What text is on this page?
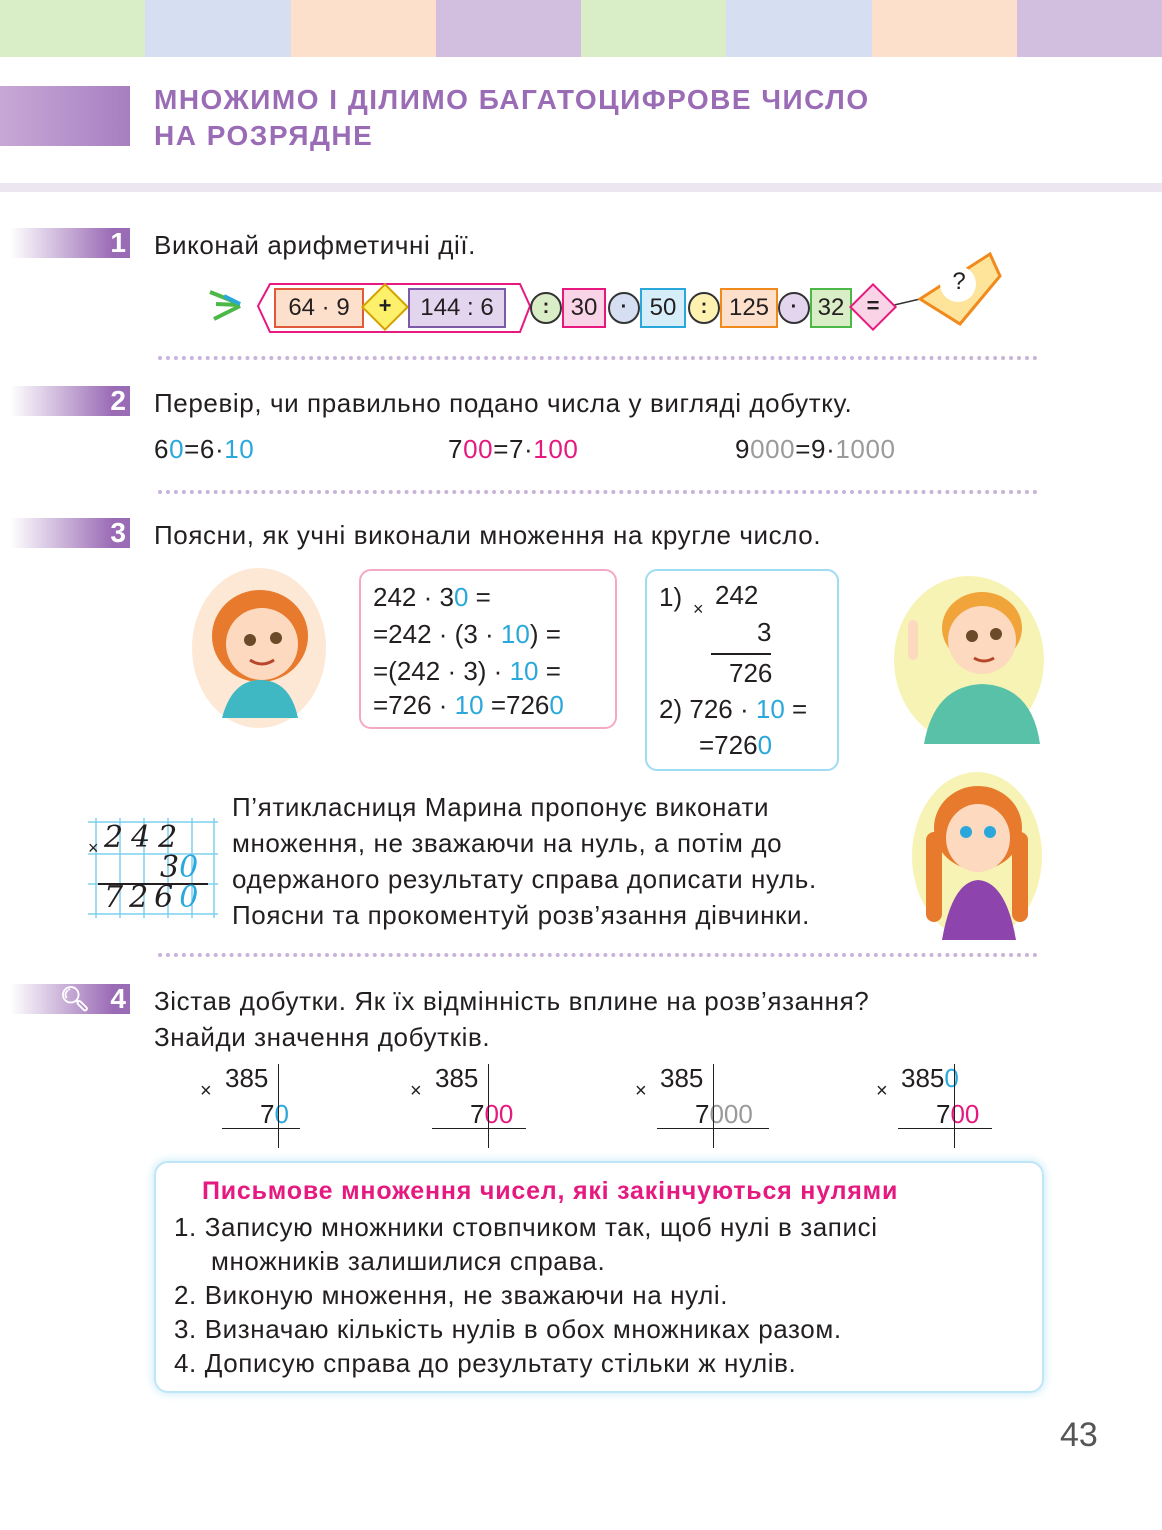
МНОЖИМО І ДІЛИМО БАГАТОЦИФРОВЕ ЧИСЛО
НА РОЗРЯДНЕ
1 Виконай арифметичні дії.
64 · 9	+	144 : 6	: 30	· 50	: 125	· 32	=
?
2 Перевір, чи правильно подано числа у вигляді добутку.
60=6·10	700=7·100	9000=9·1000
3 Поясни, як учні виконали множення на кругле число.
242 · 30 =
=242 · (3 · 10) =
=(242 · 3) · 10 =
=726 · 10 =7260
1) × 242
3
726
2) 726 · 10 =
=7260
× 242
30
7260
П’ятикласниця Марина пропонує виконати
множення, не зважаючи на нуль, а потім до
одержаного результату справа дописати нуль.
Поясни та прокоментуй розв’язання дівчинки.
🔍︎ 4 Зістав добутки. Як їх відмінність вплине на розв’язання?
Знайди значення добутків.
× 385
70
× 385
700
× 385
7000
× 3850
700
Письмове множення чисел, які закінчуються нулями
1. Записую множники стовпчиком так, щоб нулі в записі
множників залишилися справа.
2. Виконую множення, не зважаючи на нулі.
3. Визначаю кількість нулів в обох множниках разом.
4. Дописую справа до результату стільки ж нулів.
43
